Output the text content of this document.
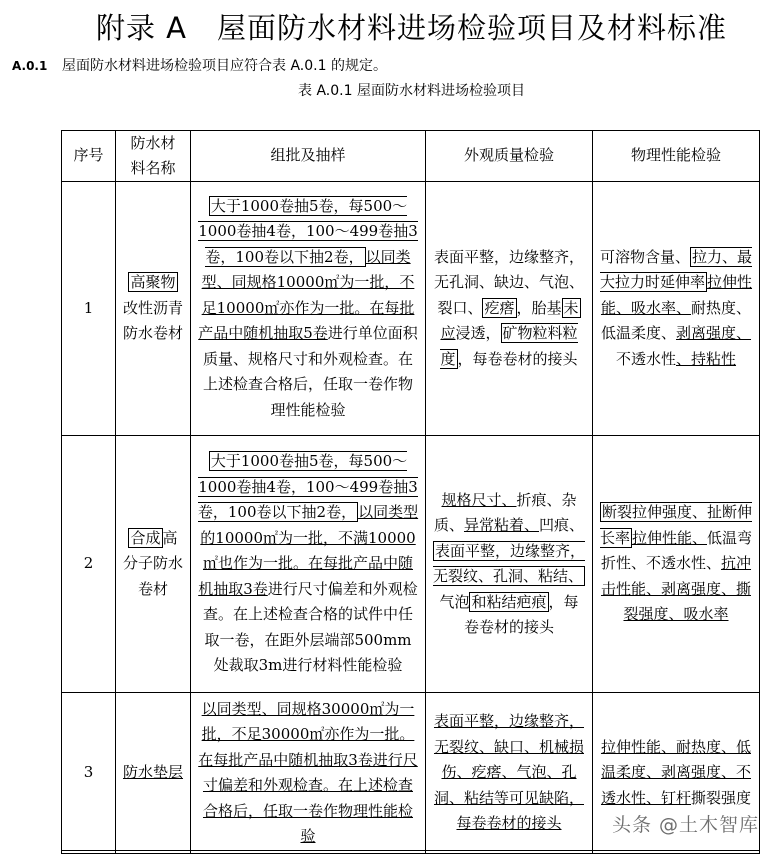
附录 A 屋面防水材料进场检验项目及材料标准
A.0.1 屋面防水材料进场检验项目应符合表 A.0.1 的规定。
表 A.0.1 屋面防水材料进场检验项目
序号	防水材料名称	组批及抽样	外观质量检验	物理性能检验
1	高聚物改性沥青防水卷材	大于1000卷抽5卷，每500～1000卷抽4卷，100～499卷抽3卷，100卷以下抽2卷， 以同类型、同规格10000㎡为一批，不足10000㎡亦作为一批。在每批产品中随机抽取5卷进行单位面积质量、规格尺寸和外观检查。在上述检查合格后，任取一卷作物理性能检验	表面平整，边缘整齐，无孔洞、缺边、气泡、裂口、 疙瘩 ，胎基 未应浸透， 矿物粒料粒度 ，每卷卷材的接头	可溶物含量、 拉力、最大拉力时延伸率 拉伸性能、吸水率、耐热度、低温柔度、剥离强度、不透水性、持粘性
2	合成 高分子防水卷材	大于1000卷抽5卷，每500～1000卷抽4卷，100～499卷抽3卷，100卷以下抽2卷， 以同类型的10000㎡为一批，不满10000㎡也作为一批。在每批产品中随机抽取3卷进行尺寸偏差和外观检查。在上述检查合格的试件中任取一卷，在距外层端部500mm处裁取3m进行材料性能检验	规格尺寸、折痕、杂质、异常粘着、凹痕、表面平整，边缘整齐，无裂纹、孔洞、粘结、气泡 和粘结疤痕 ，每卷卷材的接头	断裂拉伸强度、扯断伸长率 拉伸性能、低温弯折性、不透水性、抗冲击性能、剥离强度、撕裂强度、吸水率
3	防水垫层	以同类型、同规格30000㎡为一批，不足30000㎡亦作为一批。在每批产品中随机抽取3卷进行尺寸偏差和外观检查。在上述检查合格后，任取一卷作物理性能检验	表面平整，边缘整齐，无裂纹、缺口、机械损伤、疙瘩、气泡、孔洞、粘结等可见缺陷，每卷卷材的接头	拉伸性能、耐热度、低温柔度、剥离强度、不透水性、钉杆撕裂强度
头条 @土木智库
